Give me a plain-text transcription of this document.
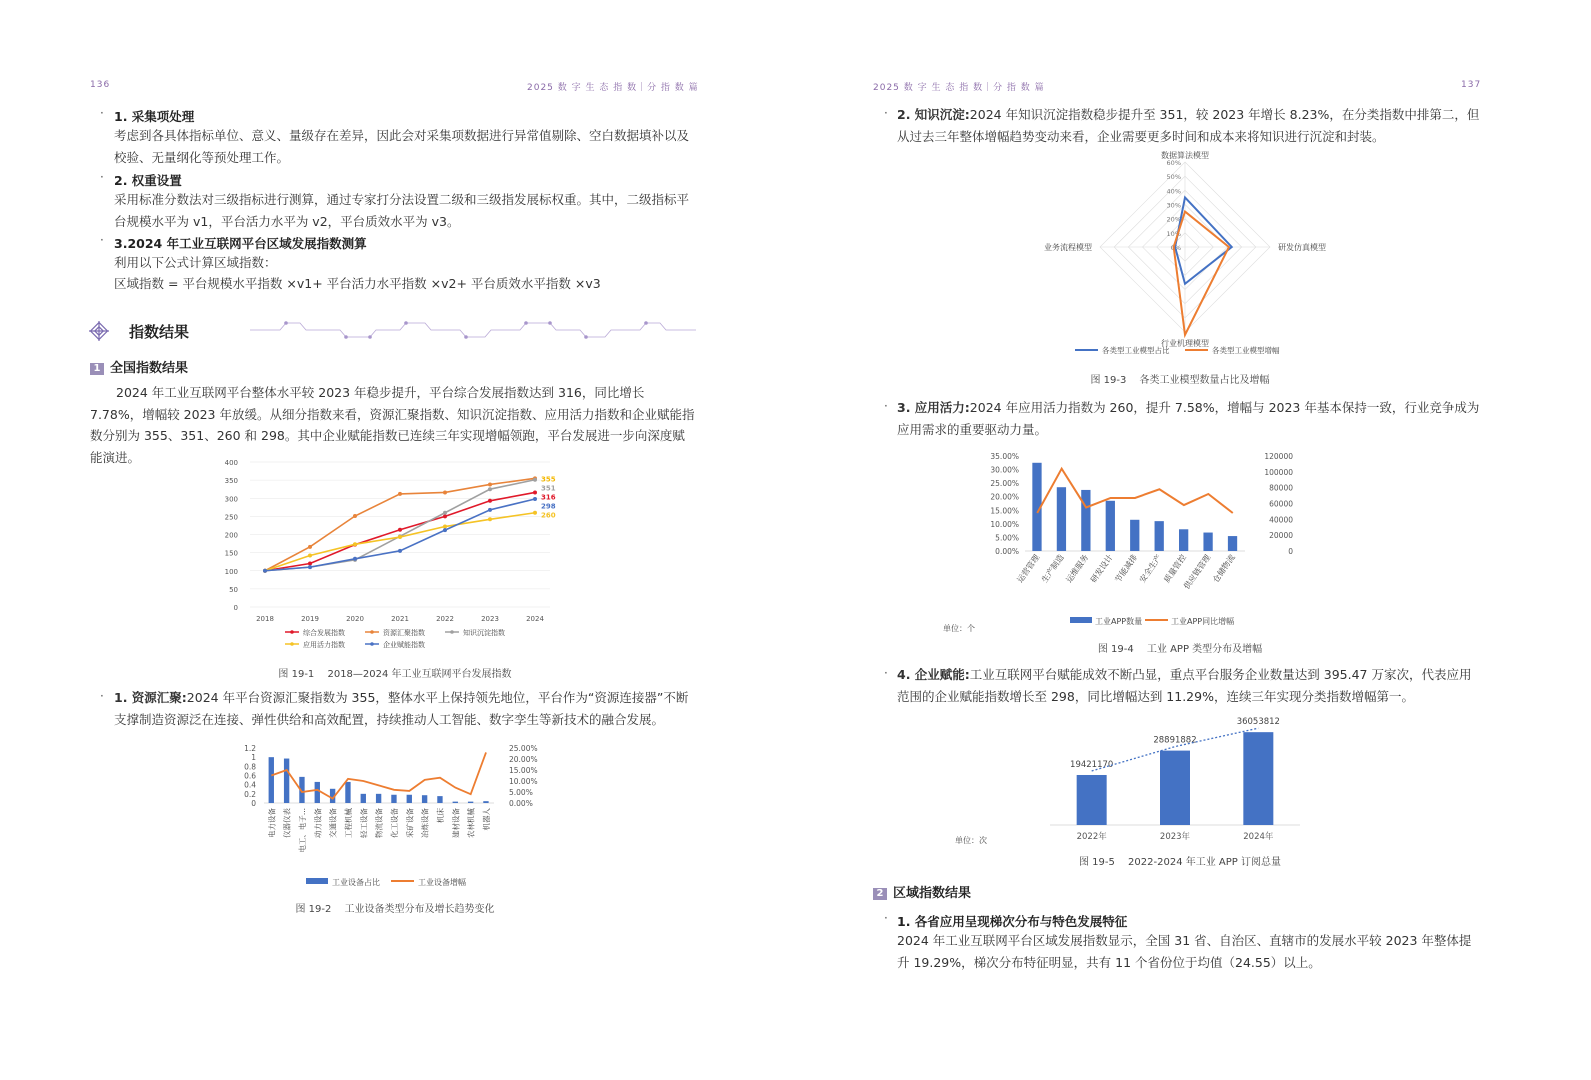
136	2025 数 字 生 态 指 数｜分 指 数 篇
· 1. 采集项处理
考虑到各具体指标单位、意义、量级存在差异，因此会对采集项数据进行异常值剔除、空白数据填补以及校验、无量纲化等预处理工作。
· 2. 权重设置
采用标准分数法对三级指标进行测算，通过专家打分法设置二级和三级指发展标权重。其中，二级指标平台规模水平为 v1，平台活力水平为 v2，平台质效水平为 v3。
· 3.2024 年工业互联网平台区域发展指数测算
利用以下公式计算区域指数：
区域指数 = 平台规模水平指数 ×v1+ 平台活力水平指数 ×v2+ 平台质效水平指数 ×v3
指数结果
1 全国指数结果
2024 年工业互联网平台整体水平较 2023 年稳步提升，平台综合发展指数达到 316，同比增长 7.78%，增幅较 2023 年放缓。从细分指数来看，资源汇聚指数、知识沉淀指数、应用活力指数和企业赋能指数分别为 355、351、260 和 298。其中企业赋能指数已连续三年实现增幅领跑，平台发展进一步向深度赋能演进。
0
50
100
150
200
250
300
350
400
2018	2019	2020	2021	2022	2023	2024
355
351
316
298
260
综合发展指数	资源汇聚指数	知识沉淀指数
应用活力指数	企业赋能指数
图 19-1　 2018—2024 年工业互联网平台发展指数
· 1. 资源汇聚:2024 年平台资源汇聚指数为 355，整体水平上保持领先地位，平台作为“资源连接器”不断支撑制造资源泛在连接、弹性供给和高效配置，持续推动人工智能、数字孪生等新技术的融合发展。
0
0.2
0.4
0.6
0.8
1
1.2
0.00%
5.00%
10.00%
15.00%
20.00%
25.00%
电力设备 仪器仪表 电工、电子... 动力设备 交通设备 工程机械 轻工设备 物流设备 化工设备 采矿设备 冶炼设备 机床 建材设备 农林机械 机器人
工业设备占比	工业设备增幅
图 19-2　 工业设备类型分布及增长趋势变化
2025 数 字 生 态 指 数｜分 指 数 篇	137
· 2. 知识沉淀:2024 年知识沉淀指数稳步提升至 351，较 2023 年增长 8.23%，在分类指数中排第二，但从过去三年整体增幅趋势变动来看，企业需要更多时间和成本来将知识进行沉淀和封装。
0%
10%
20%
30%
40%
50%
60%
数据算法模型
研发仿真模型
行业机理模型
业务流程模型
各类型工业模型占比	各类型工业模型增幅
图 19-3　 各类工业模型数量占比及增幅
· 3. 应用活力:2024 年应用活力指数为 260，提升 7.58%，增幅与 2023 年基本保持一致，行业竞争成为应用需求的重要驱动力量。
0.00%
5.00%
10.00%
15.00%
20.00%
25.00%
30.00%
35.00%
0
20000
40000
60000
80000
100000
120000
运营管理
生产制造
运维服务
研发设计
节能减排
安全生产
质量管控
供应链管理
仓储物流
工业APP数量	工业APP同比增幅
单位：个
图 19-4　 工业 APP 类型分布及增幅
· 4. 企业赋能:工业互联网平台赋能成效不断凸显，重点平台服务企业数量达到 395.47 万家次，代表应用范围的企业赋能指数增长至 298，同比增幅达到 11.29%，连续三年实现分类指数增幅第一。
19421170
2022年
28891882
2023年
36053812
2024年
单位：次
图 19-5　 2022-2024 年工业 APP 订阅总量
2 区域指数结果
· 1. 各省应用呈现梯次分布与特色发展特征
2024 年工业互联网平台区域发展指数显示，全国 31 省、自治区、直辖市的发展水平较 2023 年整体提升 19.29%，梯次分布特征明显，共有 11 个省份位于均值（24.55）以上。
